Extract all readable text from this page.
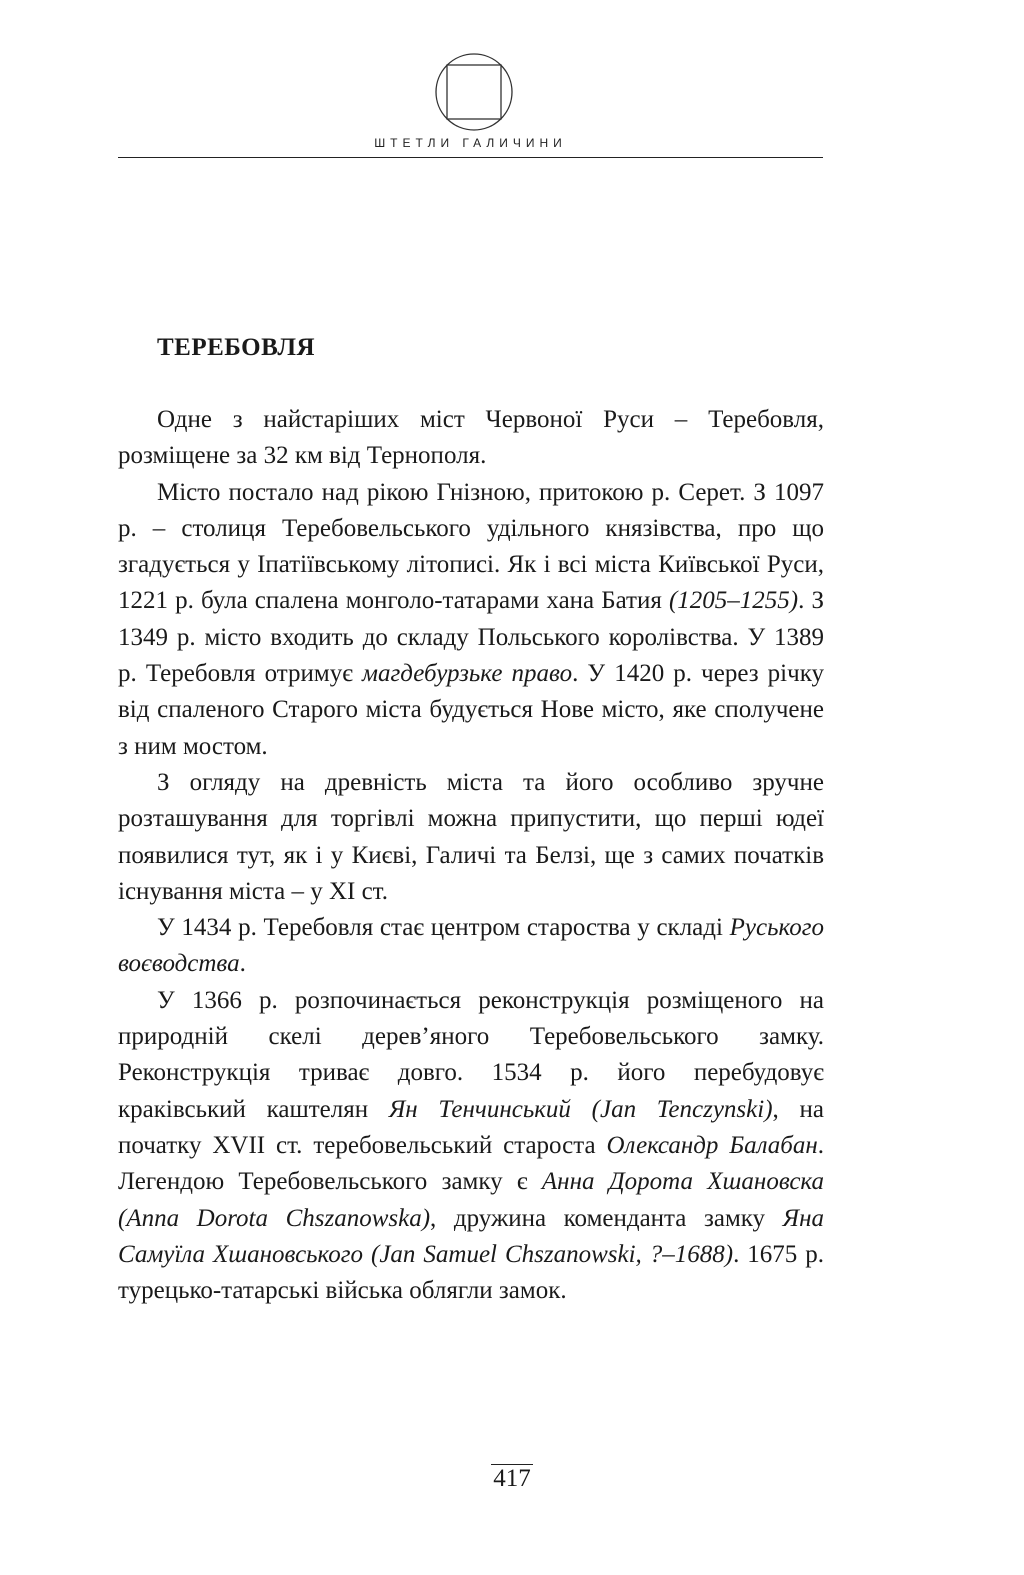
ШТЕТЛИ ГАЛИЧИНИ
ТЕРЕБОВЛЯ

Одне з найстаріших міст Червоної Руси – Теребовля, розміщене за 32 км від Тернополя.

Місто постало над рікою Гнізною, притокою р. Серет. З 1097 р. – столиця Теребовельського удільного князівства, про що згадується у Іпатіївському літописі. Як і всі міста Київської Руси, 1221 р. була спалена монголо-татарами хана Батия (1205–1255). З 1349 р. місто входить до складу Польського королівства. У 1389 р. Теребовля отримує магдебурзьке право. У 1420 р. через річку від спаленого Старого міста будується Нове місто, яке сполучене з ним мостом.

З огляду на древність міста та його особливо зручне розташування для торгівлі можна припустити, що перші юдеї появилися тут, як і у Києві, Галичі та Белзі, ще з самих початків існування міста – у XI ст.

У 1434 р. Теребовля стає центром староства у складі Руського воєводства.

У 1366 р. розпочинається реконструкція розміщеного на природній скелі дерев’яного Теребовельського замку. Реконструкція триває довго. 1534 р. його перебудовує краківський каштелян Ян Тенчинський (Jan Tenczynski), на початку XVII ст. теребовельський староста Олександр Балабан. Легендою Теребовельського замку є Анна Дорота Хшановска (Anna Dorota Chszanowska), дружина коменданта замку Яна Самуїла Хшановського (Jan Samuel Chszanowski, ?–1688). 1675 р. турецько-татарські війська облягли замок.

417
